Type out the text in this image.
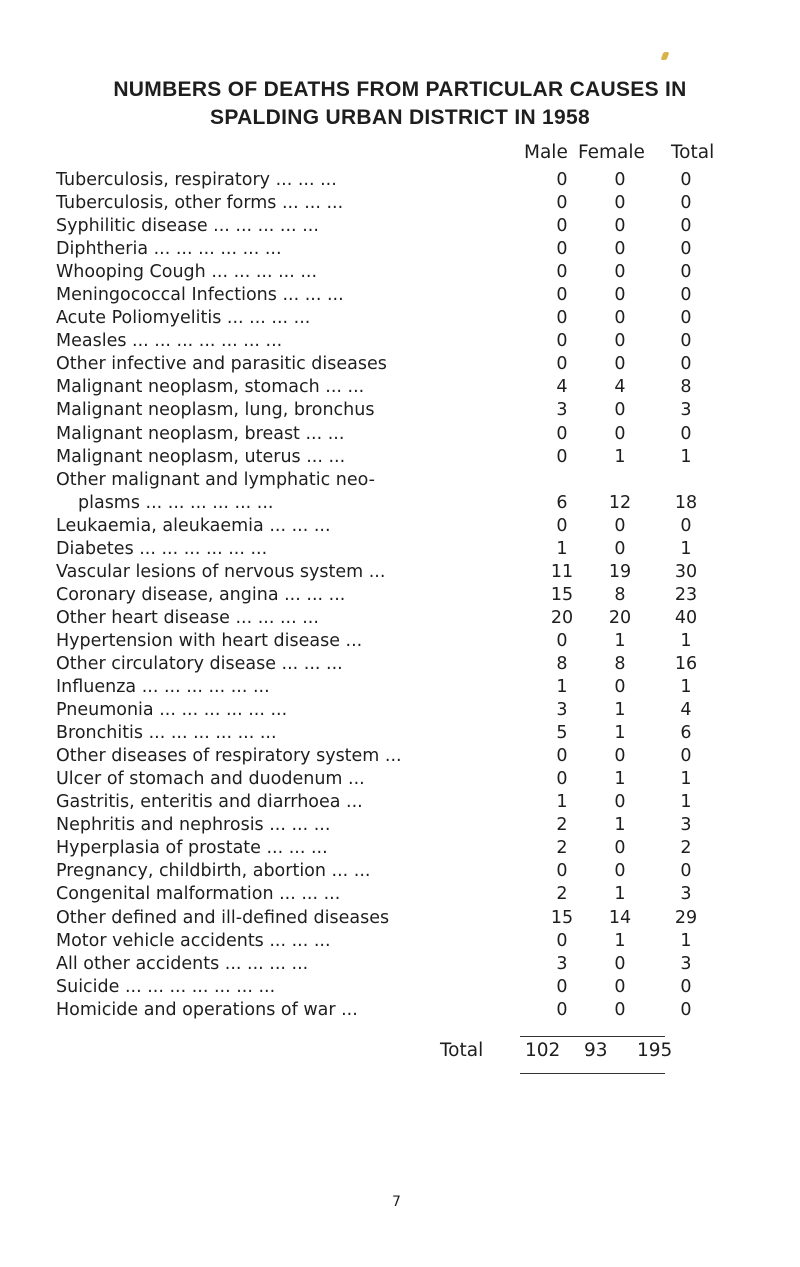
NUMBERS OF DEATHS FROM PARTICULAR CAUSES IN
SPALDING URBAN DISTRICT IN 1958
Male Female Total
Tuberculosis, respiratory ... ... ...	0	0	0
Tuberculosis, other forms ... ... ...	0	0	0
Syphilitic disease ... ... ... ... ...	0	0	0
Diphtheria ... ... ... ... ... ...	0	0	0
Whooping Cough ... ... ... ... ...	0	0	0
Meningococcal Infections ... ... ...	0	0	0
Acute Poliomyelitis ... ... ... ...	0	0	0
Measles ... ... ... ... ... ... ...	0	0	0
Other infective and parasitic diseases	0	0	0
Malignant neoplasm, stomach ... ...	4	4	8
Malignant neoplasm, lung, bronchus	3	0	3
Malignant neoplasm, breast ... ...	0	0	0
Malignant neoplasm, uterus ... ...	0	1	1
Other malignant and lymphatic neo-
plasms ... ... ... ... ... ...	6	12	18
Leukaemia, aleukaemia ... ... ...	0	0	0
Diabetes ... ... ... ... ... ...	1	0	1
Vascular lesions of nervous system ...	11	19	30
Coronary disease, angina ... ... ...	15	8	23
Other heart disease ... ... ... ...	20	20	40
Hypertension with heart disease ...	0	1	1
Other circulatory disease ... ... ...	8	8	16
Influenza ... ... ... ... ... ...	1	0	1
Pneumonia ... ... ... ... ... ...	3	1	4
Bronchitis ... ... ... ... ... ...	5	1	6
Other diseases of respiratory system ...	0	0	0
Ulcer of stomach and duodenum ...	0	1	1
Gastritis, enteritis and diarrhoea ...	1	0	1
Nephritis and nephrosis ... ... ...	2	1	3
Hyperplasia of prostate ... ... ...	2	0	2
Pregnancy, childbirth, abortion ... ...	0	0	0
Congenital malformation ... ... ...	2	1	3
Other defined and ill-defined diseases	15	14	29
Motor vehicle accidents ... ... ...	0	1	1
All other accidents ... ... ... ...	3	0	3
Suicide ... ... ... ... ... ... ...	0	0	0
Homicide and operations of war ...	0	0	0
Total 102 93 195
7
